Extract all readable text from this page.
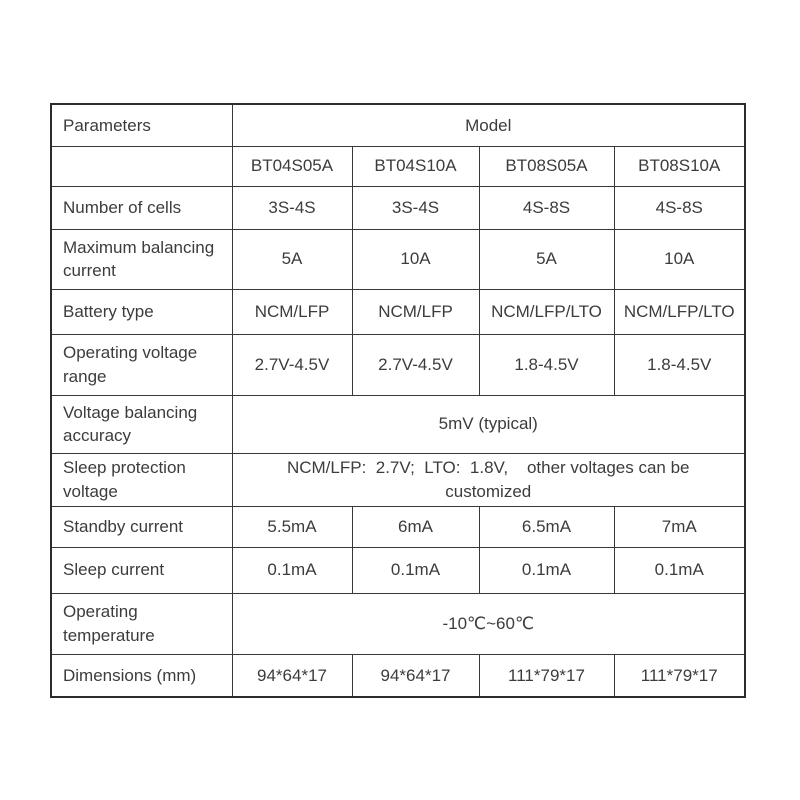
Parameters	Model			
	BT04S05A	BT04S10A	BT08S05A	BT08S10A
Number of cells	3S-4S	3S-4S	4S-8S	4S-8S
Maximum balancing current	5A	10A	5A	10A
Battery type	NCM/LFP	NCM/LFP	NCM/LFP/LTO	NCM/LFP/LTO
Operating voltage range	2.7V-4.5V	2.7V-4.5V	1.8-4.5V	1.8-4.5V
Voltage balancing accuracy	5mV (typical)			
Sleep protection voltage	NCM/LFP:  2.7V;  LTO:  1.8V,    other voltages can be
customized			
Standby current	5.5mA	6mA	6.5mA	7mA
Sleep current	0.1mA	0.1mA	0.1mA	0.1mA
Operating temperature	-10℃~60℃			
Dimensions (mm)	94*64*17	94*64*17	111*79*17	111*79*17
